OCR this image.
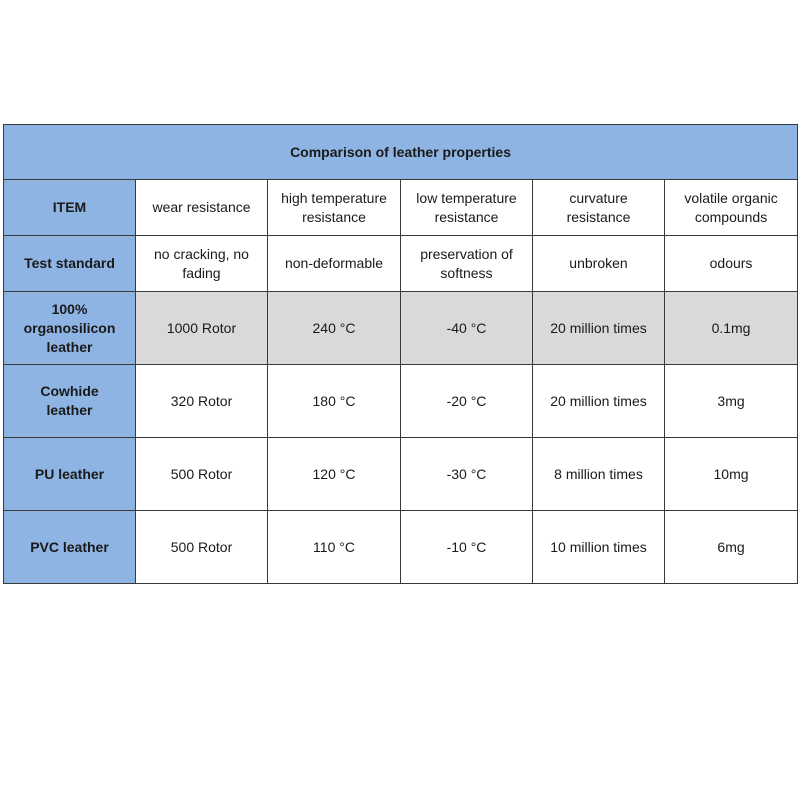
Comparison of leather properties					
ITEM	wear resistance	high temperature resistance	low temperature resistance	curvature resistance	volatile organic compounds
Test standard	no cracking, no fading	non-deformable	preservation of softness	unbroken	odours
100% organosilicon leather	1000 Rotor	240 °C	-40 °C	20 million times	0.1mg
Cowhide leather	320 Rotor	180 °C	-20 °C	20 million times	3mg
PU leather	500 Rotor	120 °C	-30 °C	8 million times	10mg
PVC leather	500 Rotor	110 °C	-10 °C	10 million times	6mg
